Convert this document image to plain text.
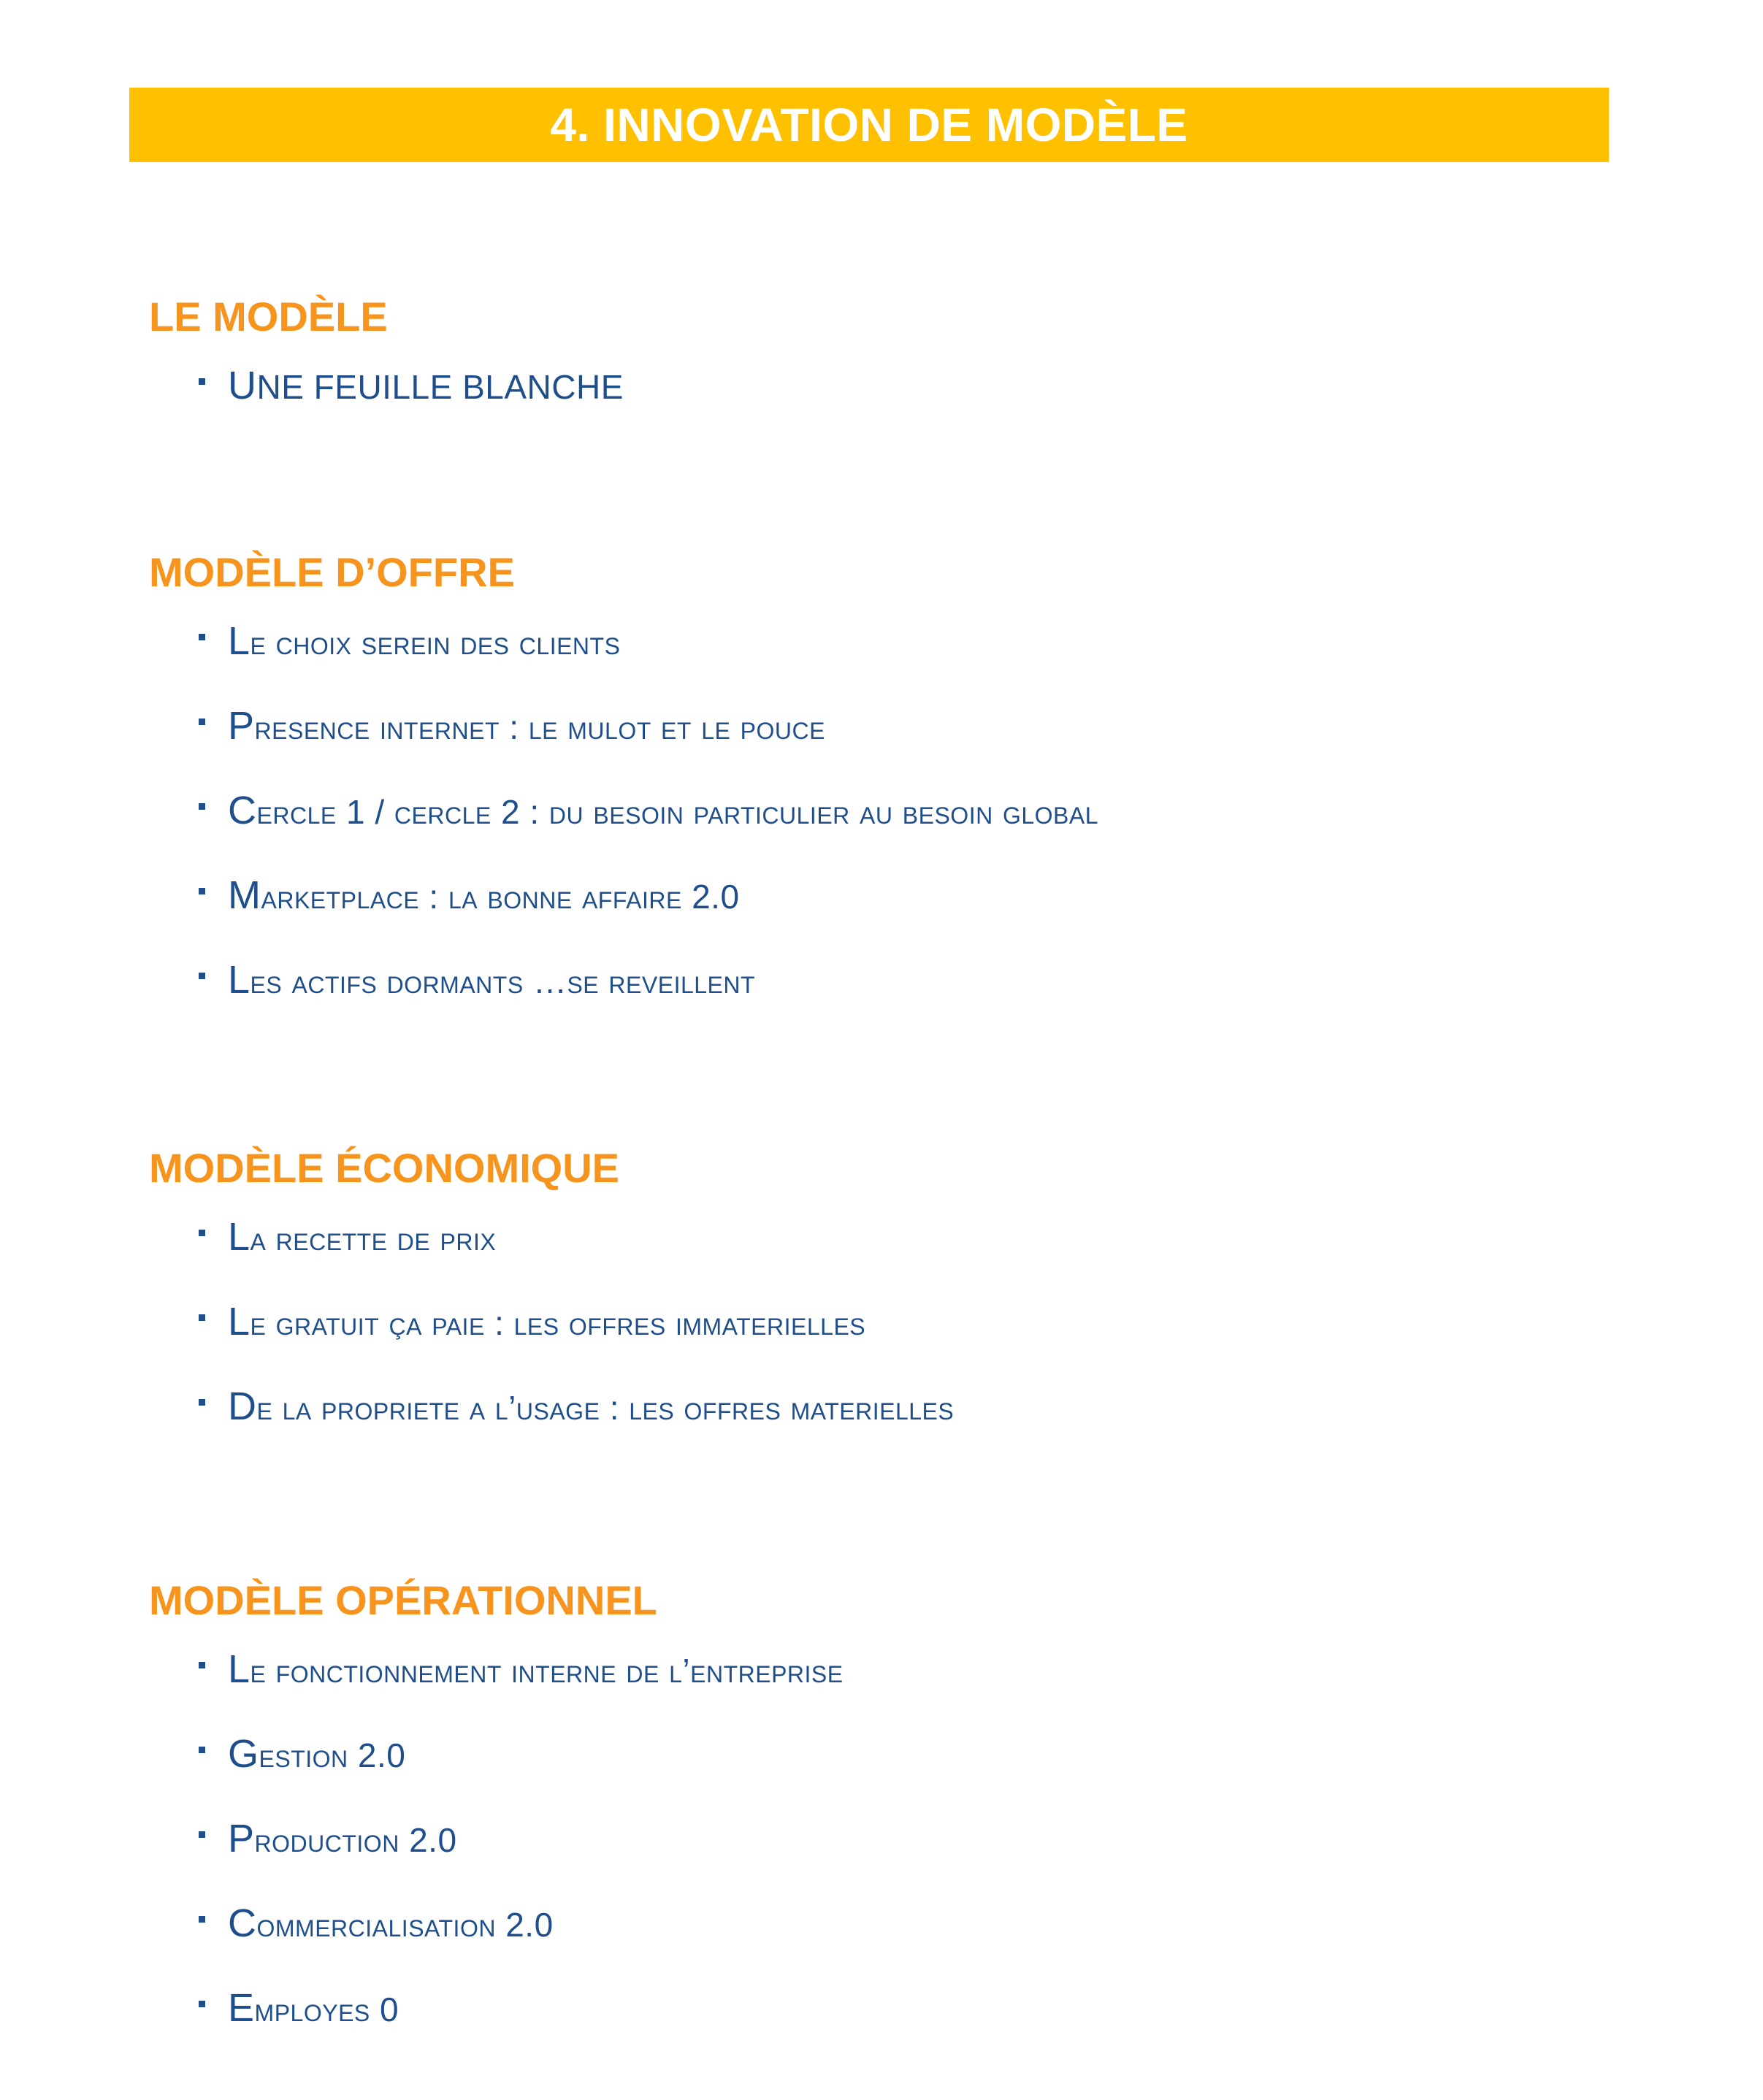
4. INNOVATION DE MODÈLE
LE MODÈLE
UNE FEUILLE BLANCHE
MODÈLE D’OFFRE
Le choix serein des clients
Presence internet : le mulot et le pouce
Cercle 1 / cercle 2 : du besoin particulier au besoin global
Marketplace : la bonne affaire 2.0
Les actifs dormants …se reveillent
MODÈLE ÉCONOMIQUE
La recette de prix
Le gratuit ça paie : les offres immaterielles
De la propriete a l’usage : les offres materielles
MODÈLE OPÉRATIONNEL
Le fonctionnement interne de l’entreprise
Gestion 2.0
Production 2.0
Commercialisation 2.0
Employes 0
